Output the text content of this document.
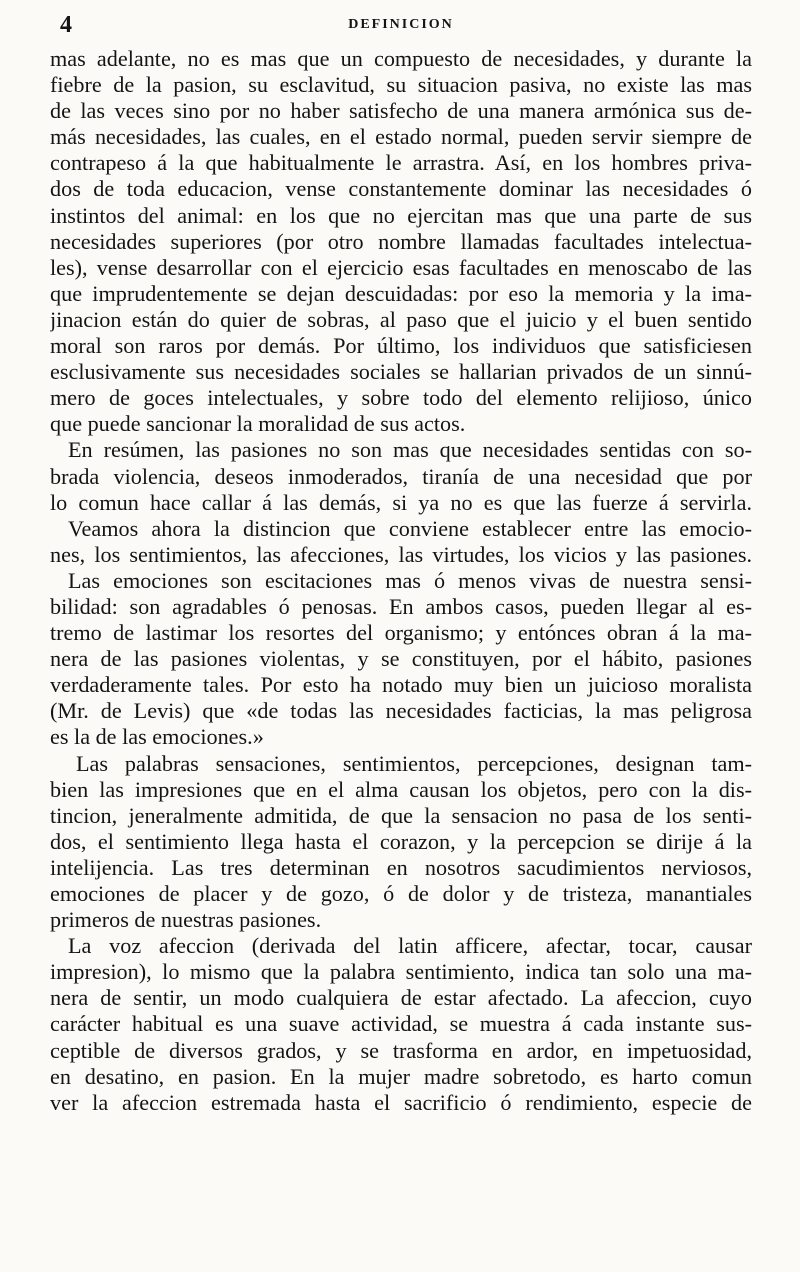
4	DEFINICION
mas adelante, no es mas que un compuesto de necesidades, y durante la
fiebre de la pasion, su esclavitud, su situacion pasiva, no existe las mas
de las veces sino por no haber satisfecho de una manera armónica sus de-
más necesidades, las cuales, en el estado normal, pueden servir siempre de
contrapeso á la que habitualmente le arrastra. Así, en los hombres priva-
dos de toda educacion, vense constantemente dominar las necesidades ó
instintos del animal: en los que no ejercitan mas que una parte de sus
necesidades superiores (por otro nombre llamadas facultades intelectua-
les), vense desarrollar con el ejercicio esas facultades en menoscabo de las
que imprudentemente se dejan descuidadas: por eso la memoria y la ima-
jinacion están do quier de sobras, al paso que el juicio y el buen sentido
moral son raros por demás. Por último, los individuos que satisficiesen
esclusivamente sus necesidades sociales se hallarian privados de un sinnú-
mero de goces intelectuales, y sobre todo del elemento relijioso, único
que puede sancionar la moralidad de sus actos.
En resúmen, las pasiones no son mas que necesidades sentidas con so-
brada violencia, deseos inmoderados, tiranía de una necesidad que por
lo comun hace callar á las demás, si ya no es que las fuerze á servirla.
Veamos ahora la distincion que conviene establecer entre las emocio-
nes, los sentimientos, las afecciones, las virtudes, los vicios y las pasiones.
Las emociones son escitaciones mas ó menos vivas de nuestra sensi-
bilidad: son agradables ó penosas. En ambos casos, pueden llegar al es-
tremo de lastimar los resortes del organismo; y entónces obran á la ma-
nera de las pasiones violentas, y se constituyen, por el hábito, pasiones
verdaderamente tales. Por esto ha notado muy bien un juicioso moralista
(Mr. de Levis) que «de todas las necesidades facticias, la mas peligrosa
es la de las emociones.»
Las palabras sensaciones, sentimientos, percepciones, designan tam-
bien las impresiones que en el alma causan los objetos, pero con la dis-
tincion, jeneralmente admitida, de que la sensacion no pasa de los senti-
dos, el sentimiento llega hasta el corazon, y la percepcion se dirije á la
intelijencia. Las tres determinan en nosotros sacudimientos nerviosos,
emociones de placer y de gozo, ó de dolor y de tristeza, manantiales
primeros de nuestras pasiones.
La voz afeccion (derivada del latin afficere, afectar, tocar, causar
impresion), lo mismo que la palabra sentimiento, indica tan solo una ma-
nera de sentir, un modo cualquiera de estar afectado. La afeccion, cuyo
carácter habitual es una suave actividad, se muestra á cada instante sus-
ceptible de diversos grados, y se trasforma en ardor, en impetuosidad,
en desatino, en pasion. En la mujer madre sobretodo, es harto comun
ver la afeccion estremada hasta el sacrificio ó rendimiento, especie de
